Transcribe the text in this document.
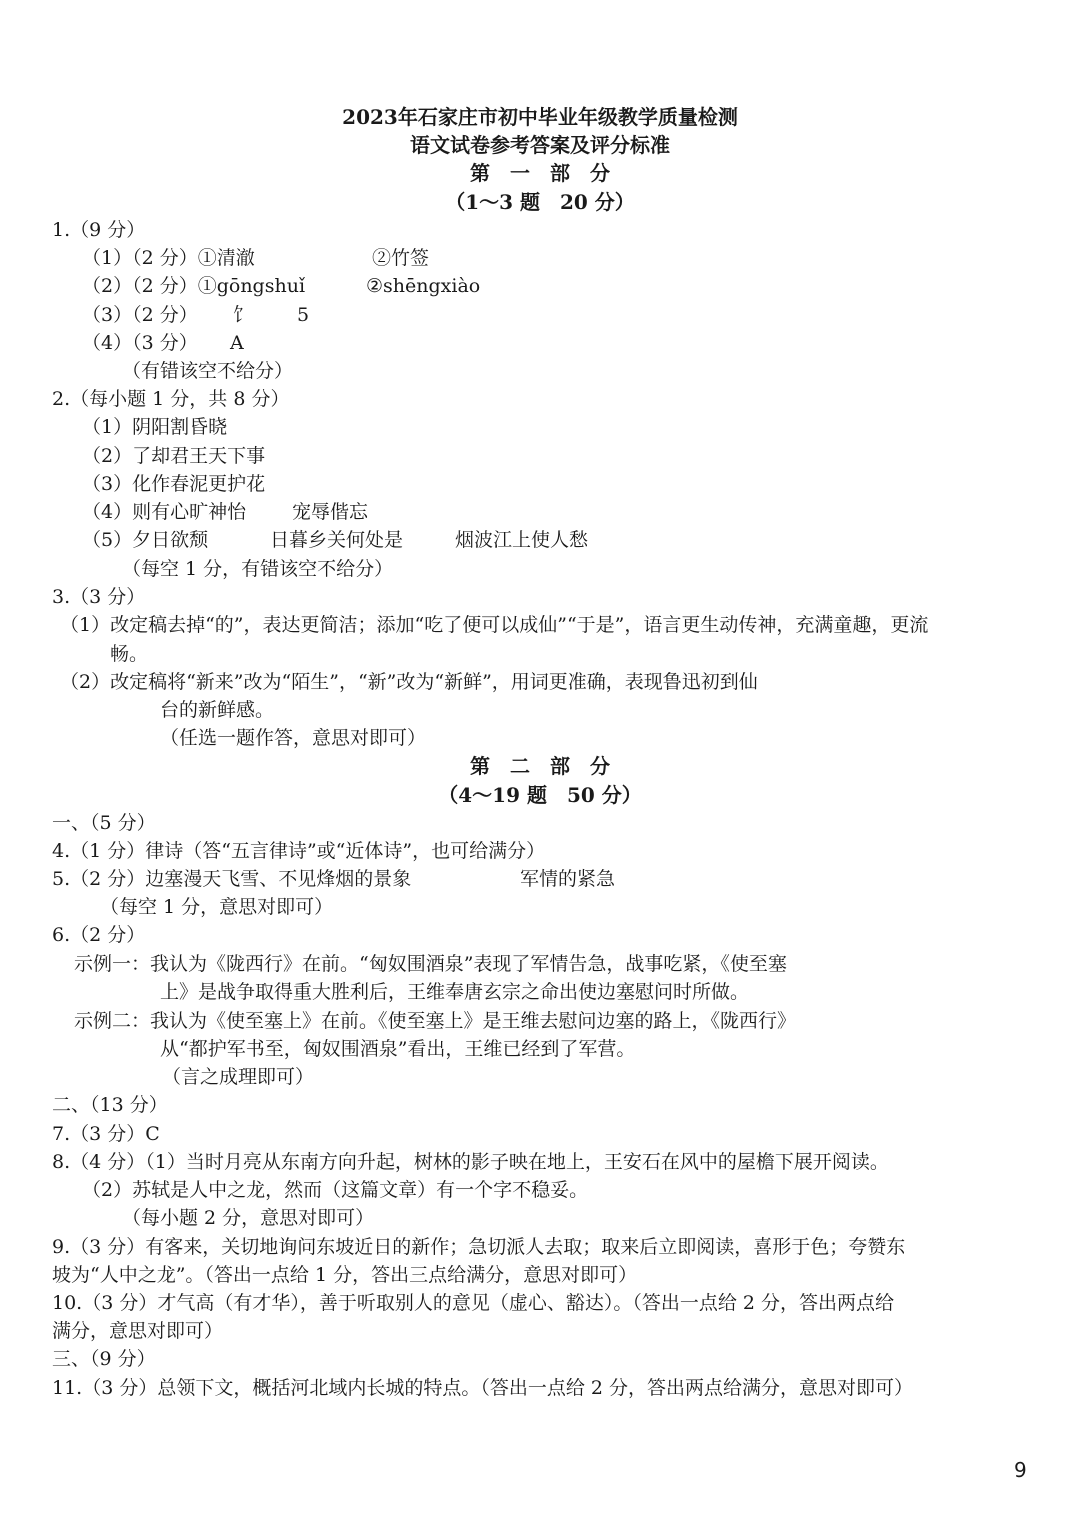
2023年石家庄市初中毕业年级教学质量检测

语文试卷参考答案及评分标准

第　一　部　分

（1～3 题　20 分）

1.（9 分）

（1）（2 分）①清澈	②竹签

（2）（2 分）①gōngshuǐ	②shēngxiào

（3）（2 分） 饣 5

（4）（3 分） A

（有错该空不给分）

2.（每小题 1 分，共 8 分）

（1）阴阳割昏晓

（2）了却君王天下事

（3）化作春泥更护花

（4）则有心旷神怡 宠辱偕忘

（5）夕日欲颓	日暮乡关何处是	烟波江上使人愁

（每空 1 分，有错该空不给分）

3.（3 分）

（1）改定稿去掉“的”，表达更简洁；添加“吃了便可以成仙”“于是”，语言更生动传神，充满童趣，更流

畅。

（2）改定稿将“新来”改为“陌生”，“新”改为“新鲜”，用词更准确，表现鲁迅初到仙

台的新鲜感。

（任选一题作答，意思对即可）

第　二　部　分

（4～19 题　50 分）

一、（5 分）

4.（1 分）律诗（答“五言律诗”或“近体诗”，也可给满分）

5.（2 分）边塞漫天飞雪、不见烽烟的景象	军情的紧急

（每空 1 分，意思对即可）

6.（2 分）

示例一：我认为《陇西行》在前。“匈奴围酒泉”表现了军情告急，战事吃紧，《使至塞

上》是战争取得重大胜利后，王维奉唐玄宗之命出使边塞慰问时所做。

示例二：我认为《使至塞上》在前。《使至塞上》是王维去慰问边塞的路上，《陇西行》

从“都护军书至，匈奴围酒泉”看出，王维已经到了军营。

（言之成理即可）

二、（13 分）

7.（3 分）C

8.（4 分）（1）当时月亮从东南方向升起，树林的影子映在地上，王安石在风中的屋檐下展开阅读。

（2）苏轼是人中之龙，然而（这篇文章）有一个字不稳妥。

（每小题 2 分，意思对即可）

9.（3 分）有客来，关切地询问东坡近日的新作；急切派人去取；取来后立即阅读，喜形于色；夸赞东

坡为“人中之龙”。（答出一点给 1 分，答出三点给满分，意思对即可）

10.（3 分）才气高（有才华），善于听取别人的意见（虚心、豁达）。（答出一点给 2 分，答出两点给

满分，意思对即可）

三、（9 分）

11.（3 分）总领下文，概括河北域内长城的特点。（答出一点给 2 分，答出两点给满分，意思对即可）

9
